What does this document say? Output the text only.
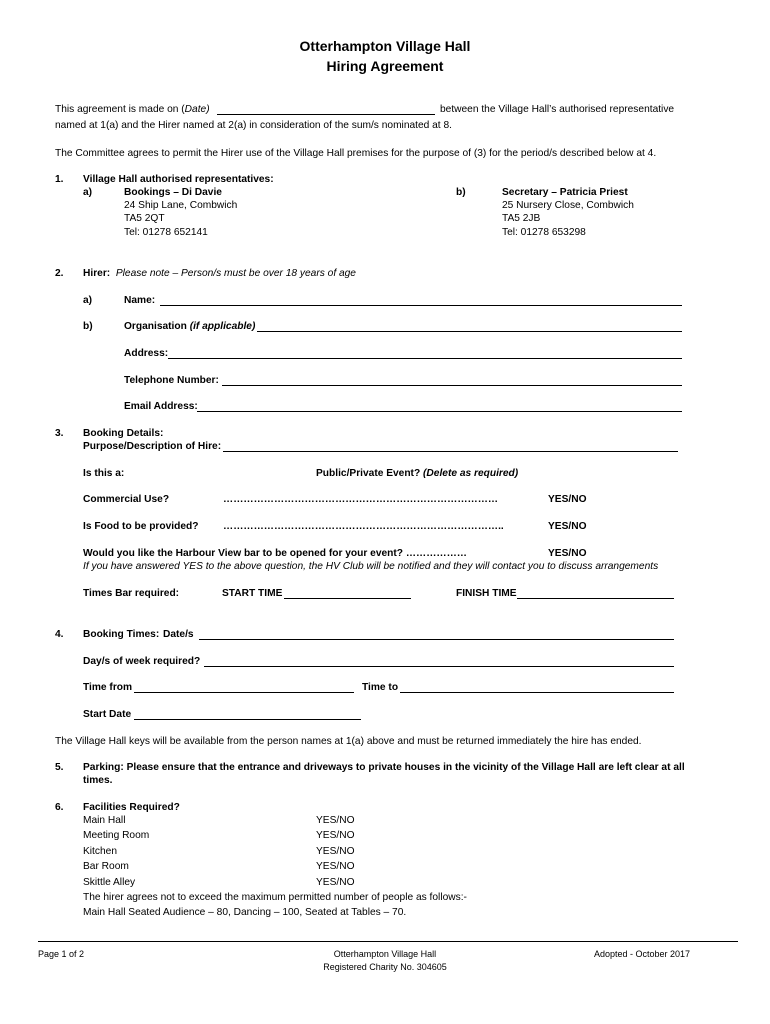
Otterhampton Village Hall
Hiring Agreement
This agreement is made on (Date)	between the Village Hall’s authorised representative
named at 1(a) and the Hirer named at 2(a) in consideration of the sum/s nominated at 8.
The Committee agrees to permit the Hirer use of the Village Hall premises for the purpose of (3) for the period/s described below at 4.
1. Village Hall authorised representatives:
a)	Bookings – Di Davie
24 Ship Lane, Combwich
TA5 2QT
Tel: 01278 652141
b)	Secretary – Patricia Priest
25 Nursery Close, Combwich
TA5 2JB
Tel: 01278 653298
2. Hirer: Please note – Person/s must be over 18 years of age
a)	Name:
b)	Organisation (if applicable)
Address:
Telephone Number:
Email Address:
3. Booking Details:
Purpose/Description of Hire:
Is this a:	Public/Private Event? (Delete as required)
Commercial Use?	………………………………………………………………………	YES/NO
Is Food to be provided? ………………………………………………………………………..	YES/NO
Would you like the Harbour View bar to be opened for your event? ………………	YES/NO
If you have answered YES to the above question, the HV Club will be notified and they will contact you to discuss arrangements
Times Bar required:	START TIME	FINISH TIME
4. Booking Times: Date/s
Day/s of week required?
Time from	Time to
Start Date
The Village Hall keys will be available from the person names at 1(a) above and must be returned immediately the hire has ended.
5. Parking: Please ensure that the entrance and driveways to private houses in the vicinity of the Village Hall are left clear at all
times.
6. Facilities Required?
Main Hall	YES/NO
Meeting Room	YES/NO
Kitchen	YES/NO
Bar Room	YES/NO
Skittle Alley	YES/NO
The hirer agrees not to exceed the maximum permitted number of people as follows:-
Main Hall Seated Audience – 80, Dancing – 100, Seated at Tables – 70.
Page 1 of 2	Otterhampton Village Hall
Registered Charity No. 304605
Adopted - October 2017
